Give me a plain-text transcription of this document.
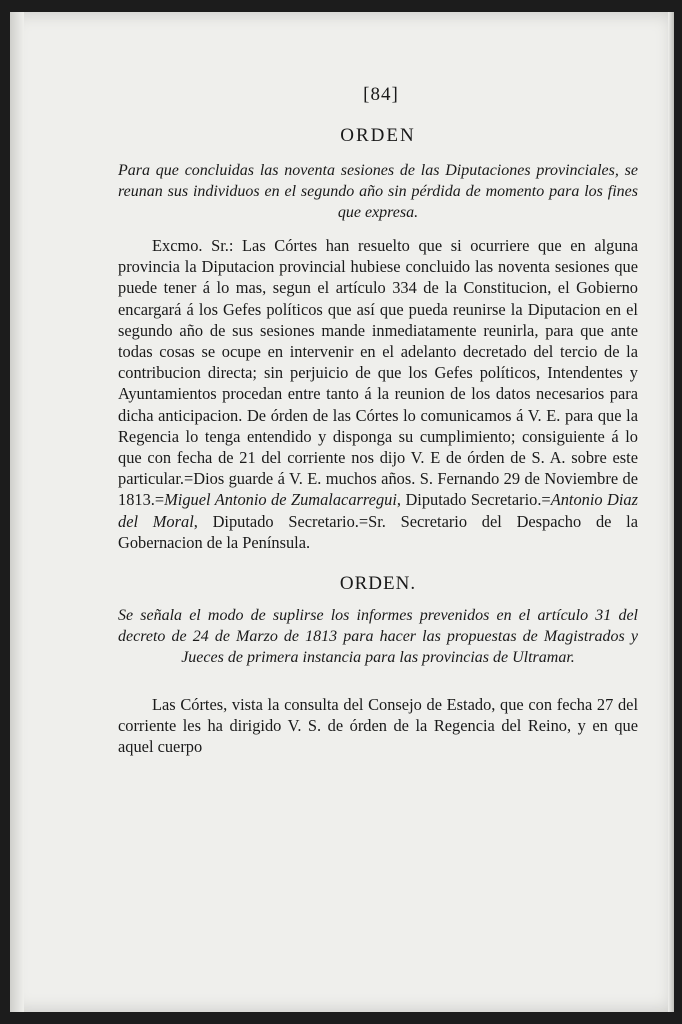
[84]
ORDEN

Para que concluidas las noventa sesiones de las Diputaciones provinciales, se reunan sus individuos en el segundo año sin pérdida de momento para los fines que expresa.

Excmo. Sr.: Las Córtes han resuelto que si ocurriere que en alguna provincia la Diputacion provincial hubiese concluido las noventa sesiones que puede tener á lo mas, segun el artículo 334 de la Constitucion, el Gobierno encargará á los Gefes políticos que así que pueda reunirse la Diputacion en el segundo año de sus sesiones mande inmediatamente reunirla, para que ante todas cosas se ocupe en intervenir en el adelanto decretado del tercio de la contribucion directa; sin perjuicio de que los Gefes políticos, Intendentes y Ayuntamientos procedan entre tanto á la reunion de los datos necesarios para dicha anticipacion. De órden de las Córtes lo comunicamos á V. E. para que la Regencia lo tenga entendido y disponga su cumplimiento; consiguiente á lo que con fecha de 21 del corriente nos dijo V. E de órden de S. A. sobre este particular.=Dios guarde á V. E. muchos años. S. Fernando 29 de Noviembre de 1813.=Miguel Antonio de Zumalacarregui, Diputado Secretario.=Antonio Diaz del Moral, Diputado Secretario.=Sr. Secretario del Despacho de la Gobernacion de la Península.

ORDEN.

Se señala el modo de suplirse los informes prevenidos en el artículo 31 del decreto de 24 de Marzo de 1813 para hacer las propuestas de Magistrados y Jueces de primera instancia para las provincias de Ultramar.

Las Córtes, vista la consulta del Consejo de Estado, que con fecha 27 del corriente les ha dirigido V. S. de órden de la Regencia del Reino, y en que aquel cuerpo
